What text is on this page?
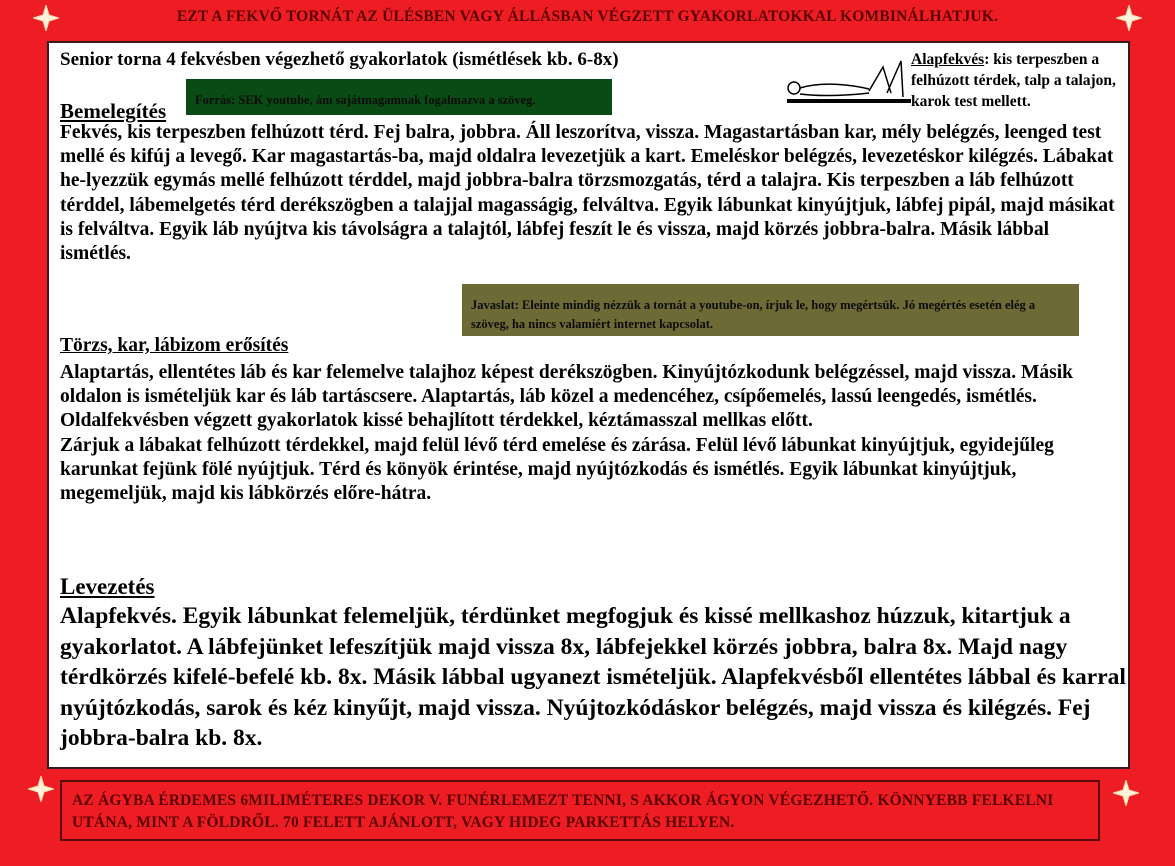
EZT A FEKVŐ TORNÁT AZ ÜLÉSBEN VAGY ÁLLÁSBAN VÉGZETT GYAKORLATOKKAL KOMBINÁLHATJUK.
Senior torna 4 fekvésben végezhető gyakorlatok (ismétlések kb. 6-8x)
Forrás: SEK youtube, ám sajátmagamnak fogalmazva a szöveg.
Alapfekvés: kis terpeszben a felhúzott térdek, talp a talajon, karok test mellett.
Bemelegítés
Fekvés, kis terpeszben felhúzott térd. Fej balra, jobbra. Áll leszorítva, vissza. Magastartásban kar, mély belégzés, leenged test mellé és kifúj a levegő. Kar magastartás-ba, majd oldalra levezetjük a kart. Emeléskor belégzés, levezetéskor kilégzés. Lábakat he-lyezzük egymás mellé felhúzott térddel, majd jobbra-balra törzsmozgatás, térd a talajra. Kis terpeszben a láb felhúzott térddel, lábemelgetés térd derékszögben a talajjal magasságig, felváltva. Egyik lábunkat kinyújtjuk, lábfej pipál, majd másikat is felváltva. Egyik láb nyújtva kis távolságra a talajtól, lábfej feszít le és vissza, majd körzés jobbra-balra. Másik lábbal ismétlés.
Javaslat: Eleinte mindig nézzük a tornát a youtube-on, írjuk le, hogy megértsük. Jó megértés esetén elég a szöveg, ha nincs valamiért internet kapcsolat.
Törzs, kar, lábizom erősítés
Alaptartás, ellentétes láb és kar felemelve talajhoz képest derékszögben. Kinyújtózkodunk belégzéssel, majd vissza. Másik oldalon is ismételjük kar és láb tartáscsere. Alaptartás, láb közel a medencéhez, csípőemelés, lassú leengedés, ismétlés.
Oldalfekvésben végzett gyakorlatok kissé behajlított térdekkel, kéztámasszal mellkas előtt.
Zárjuk a lábakat felhúzott térdekkel, majd felül lévő térd emelése és zárása. Felül lévő lábunkat kinyújtjuk, egyidejűleg karunkat fejünk fölé nyújtjuk. Térd és könyök érintése, majd nyújtózkodás és ismétlés. Egyik lábunkat kinyújtjuk, megemeljük, majd kis lábkörzés előre-hátra.
Levezetés
Alapfekvés. Egyik lábunkat felemeljük, térdünket megfogjuk és kissé mellkashoz húzzuk, kitartjuk a gyakorlatot. A lábfejünket lefeszítjük majd vissza 8x, lábfejekkel körzés jobbra, balra 8x. Majd nagy térdkörzés kifelé-befelé kb. 8x. Másik lábbal ugyanezt ismételjük. Alapfekvésből ellentétes lábbal és karral nyújtózkodás, sarok és kéz kinyűjt, majd vissza. Nyújtozkódáskor belégzés, majd vissza és kilégzés. Fej jobbra-balra kb. 8x.
AZ ÁGYBA ÉRDEMES 6MILIMÉTERES DEKOR V. FUNÉRLEMEZT TENNI, S AKKOR ÁGYON VÉGEZHETŐ. KÖNNYEBB FELKELNI UTÁNA, MINT A FÖLDRŐL. 70 FELETT AJÁNLOTT, VAGY HIDEG PARKETTÁS HELYEN.
